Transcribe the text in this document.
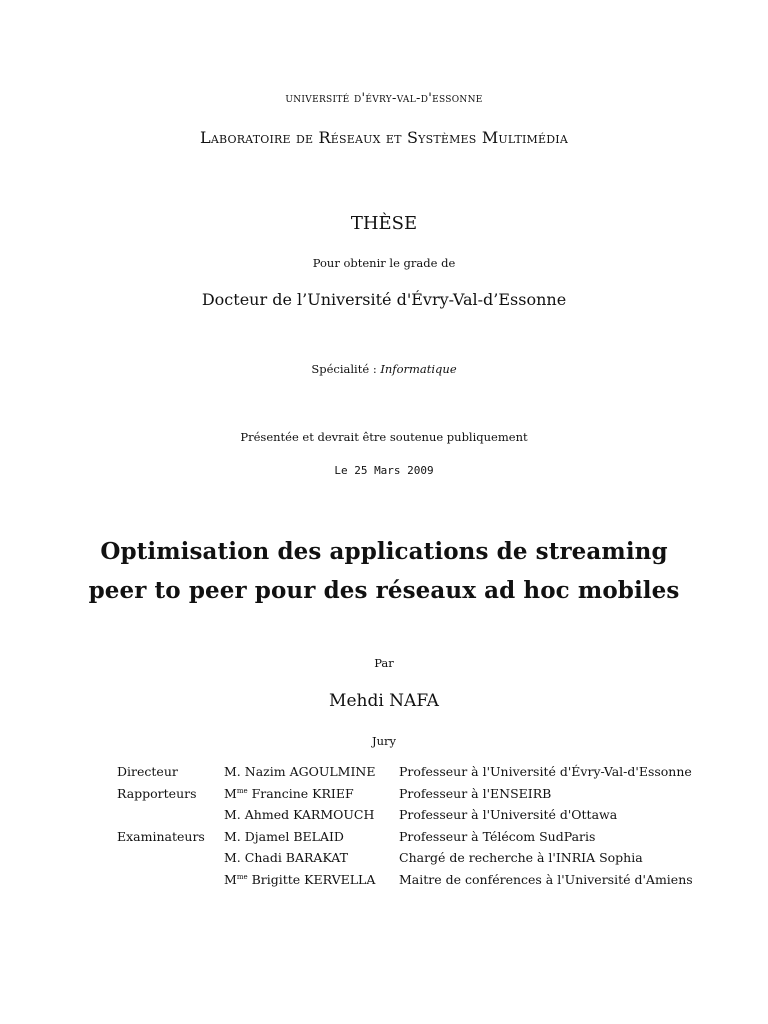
université d'évry-val-d'essonne
Laboratoire de Réseaux et Systèmes Multimédia
THÈSE
Pour obtenir le grade de
Docteur de l’Université d'Évry-Val-d’Essonne
Spécialité : Informatique
Présentée et devrait être soutenue publiquement
Le 25 Mars 2009
Optimisation des applications de streaming
peer to peer pour des réseaux ad hoc mobiles
Par
Mehdi NAFA
Jury
Directeur	M. Nazim AGOULMINE	Professeur à l'Université d'Évry-Val-d'Essonne
Rapporteurs	$M^{me}$ Francine KRIEF	Professeur à l'ENSEIRB
	M. Ahmed KARMOUCH	Professeur à l'Université d'Ottawa
Examinateurs	M. Djamel BELAID	Professeur à Télécom SudParis
	M. Chadi BARAKAT	Chargé de recherche à l'INRIA Sophia
	$M^{me}$ Brigitte KERVELLA	Maitre de conférences à l'Université d'Amiens
